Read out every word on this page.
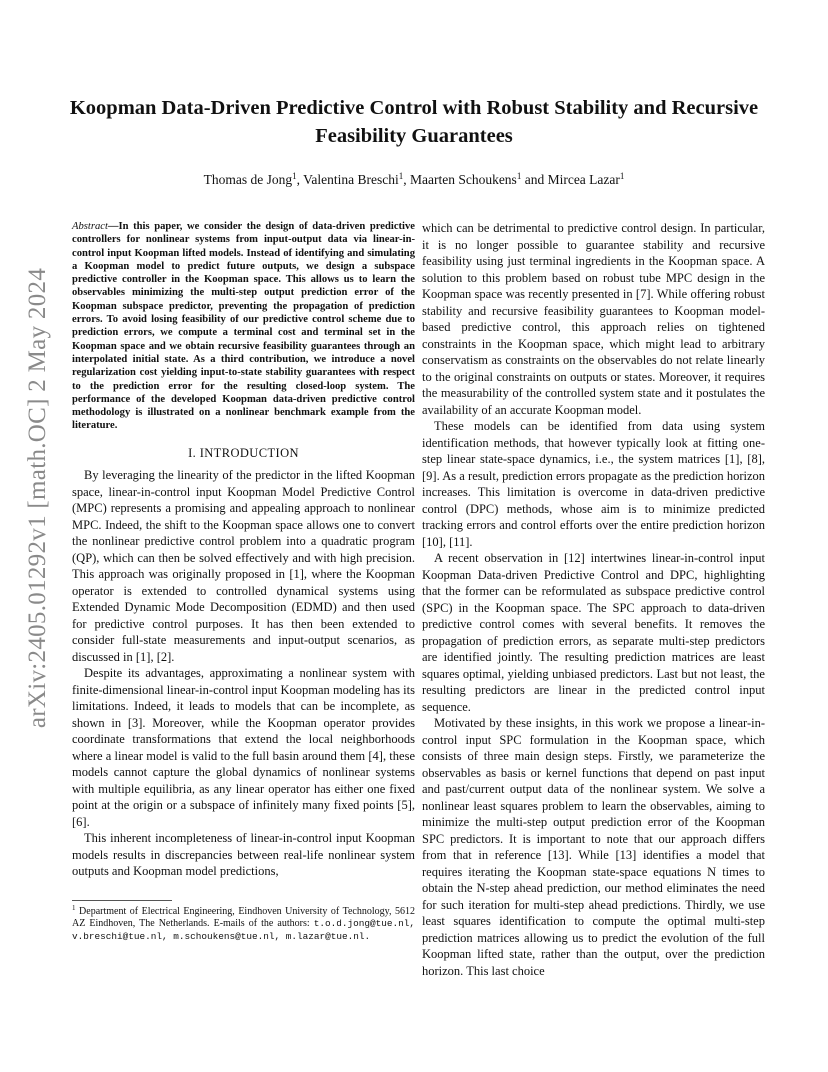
arXiv:2405.01292v1 [math.OC] 2 May 2024
Koopman Data-Driven Predictive Control with Robust Stability and Recursive Feasibility Guarantees
Thomas de Jong$^1$, Valentina Breschi$^1$, Maarten Schoukens$^1$ and Mircea Lazar$^1$

Abstract—In this paper, we consider the design of data-driven predictive controllers for nonlinear systems from input-output data via linear-in-control input Koopman lifted models. Instead of identifying and simulating a Koopman model to predict future outputs, we design a subspace predictive controller in the Koopman space. This allows us to learn the observables minimizing the multi-step output prediction error of the Koopman subspace predictor, preventing the propagation of prediction errors. To avoid losing feasibility of our predictive control scheme due to prediction errors, we compute a terminal cost and terminal set in the Koopman space and we obtain recursive feasibility guarantees through an interpolated initial state. As a third contribution, we introduce a novel regularization cost yielding input-to-state stability guarantees with respect to the prediction error for the resulting closed-loop system. The performance of the developed Koopman data-driven predictive control methodology is illustrated on a nonlinear benchmark example from the literature.

I. INTRODUCTION

By leveraging the linearity of the predictor in the lifted Koopman space, linear-in-control input Koopman Model Predictive Control (MPC) represents a promising and appealing approach to nonlinear MPC. Indeed, the shift to the Koopman space allows one to convert the nonlinear predictive control problem into a quadratic program (QP), which can then be solved effectively and with high precision. This approach was originally proposed in [1], where the Koopman operator is extended to controlled dynamical systems using Extended Dynamic Mode Decomposition (EDMD) and then used for predictive control purposes. It has then been extended to consider full-state measurements and input-output scenarios, as discussed in [1], [2].

Despite its advantages, approximating a nonlinear system with finite-dimensional linear-in-control input Koopman modeling has its limitations. Indeed, it leads to models that can be incomplete, as shown in [3]. Moreover, while the Koopman operator provides coordinate transformations that extend the local neighborhoods where a linear model is valid to the full basin around them [4], these models cannot capture the global dynamics of nonlinear systems with multiple equilibria, as any linear operator has either one fixed point at the origin or a subspace of infinitely many fixed points [5], [6].

This inherent incompleteness of linear-in-control input Koopman models results in discrepancies between real-life nonlinear system outputs and Koopman model predictions,

$^1$ Department of Electrical Engineering, Eindhoven University of Technology, 5612 AZ Eindhoven, The Netherlands. E-mails of the authors: t.o.d.jong@tue.nl, v.breschi@tue.nl, m.schoukens@tue.nl, m.lazar@tue.nl.

which can be detrimental to predictive control design. In particular, it is no longer possible to guarantee stability and recursive feasibility using just terminal ingredients in the Koopman space. A solution to this problem based on robust tube MPC design in the Koopman space was recently presented in [7]. While offering robust stability and recursive feasibility guarantees to Koopman model-based predictive control, this approach relies on tightened constraints in the Koopman space, which might lead to arbitrary conservatism as constraints on the observables do not relate linearly to the original constraints on outputs or states. Moreover, it requires the measurability of the controlled system state and it postulates the availability of an accurate Koopman model.

These models can be identified from data using system identification methods, that however typically look at fitting one-step linear state-space dynamics, i.e., the system matrices [1], [8], [9]. As a result, prediction errors propagate as the prediction horizon increases. This limitation is overcome in data-driven predictive control (DPC) methods, whose aim is to minimize predicted tracking errors and control efforts over the entire prediction horizon [10], [11].

A recent observation in [12] intertwines linear-in-control input Koopman Data-driven Predictive Control and DPC, highlighting that the former can be reformulated as subspace predictive control (SPC) in the Koopman space. The SPC approach to data-driven predictive control comes with several benefits. It removes the propagation of prediction errors, as separate multi-step predictors are identified jointly. The resulting prediction matrices are least squares optimal, yielding unbiased predictors. Last but not least, the resulting predictors are linear in the predicted control input sequence.

Motivated by these insights, in this work we propose a linear-in-control input SPC formulation in the Koopman space, which consists of three main design steps. Firstly, we parameterize the observables as basis or kernel functions that depend on past input and past/current output data of the nonlinear system. We solve a nonlinear least squares problem to learn the observables, aiming to minimize the multi-step output prediction error of the Koopman SPC predictors. It is important to note that our approach differs from that in reference [13]. While [13] identifies a model that requires iterating the Koopman state-space equations N times to obtain the N-step ahead prediction, our method eliminates the need for such iteration for multi-step ahead predictions. Thirdly, we use least squares identification to compute the optimal multi-step prediction matrices allowing us to predict the evolution of the full Koopman lifted state, rather than the output, over the prediction horizon. This last choice
